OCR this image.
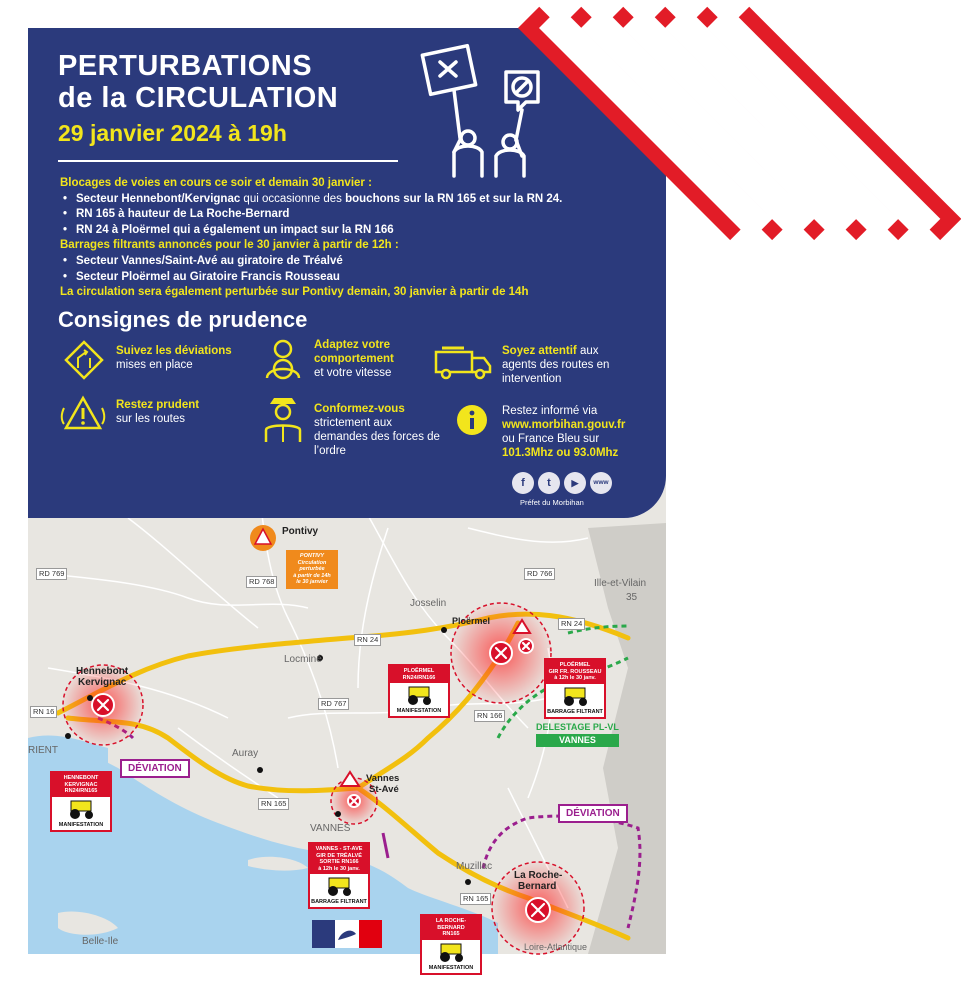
Pontivy
Josselin
Ploërmel
Hennebont
Kervignac
Locminé
Auray
VANNES
Vannes
St-Avé
RIENT
Muzillac
La Roche-
Bernard
Belle-Ile
Ille-et-Vilain
35
Loire-Atlantique
RD 769
RD 768
RD 766
RN 24
RN 24
RD 767
RN 16
RN 165
RN 165
RN 166
PONTIVY
Circulation
perturbée
à partir de 14h
le 30 janvier
HENNEBONT
KERVIGNAC
RN24/RN165
MANIFESTATION
PLOËRMEL
RN24/RN166
MANIFESTATION
PLOËRMEL
GIR FR. ROUSSEAU
à 12h le 30 janv.
BARRAGE FILTRANT
VANNES - ST-AVE
GIR DE TRÉALVÉ
SORTIE RN166
à 12h le 30 janv.
BARRAGE FILTRANT
LA ROCHE-BERNARD
RN165
MANIFESTATION
DÉVIATION
DÉVIATION
DELESTAGE PL-VL
VANNES
PERTURBATIONS
de la CIRCULATION
29 janvier 2024 à 19h
Blocages de voies en cours ce soir et demain 30 janvier :
• Secteur Hennebont/Kervignac qui occasionne des bouchons sur la RN 165 et sur la RN 24.
• RN 165 à hauteur de La Roche-Bernard
• RN 24 à Ploërmel qui a également un impact sur la RN 166
Barrages filtrants annoncés pour le 30 janvier à partir de 12h :
• Secteur Vannes/Saint-Avé au giratoire de Tréalvé
• Secteur Ploërmel au Giratoire Francis Rousseau
La circulation sera également perturbée sur Pontivy demain, 30 janvier à partir de 14h
Consignes de prudence
Suivez les déviations
mises en place
Adaptez votre comportement
et votre vitesse
Soyez attentif aux agents des routes en intervention
Restez prudent
sur les routes
Conformez-vous
strictement aux demandes des forces de l’ordre
Restez informé via
www.morbihan.gouv.fr
ou France Bleu sur
101.3Mhz ou 93.0Mhz
f	t	▶	www
Préfet du Morbihan
